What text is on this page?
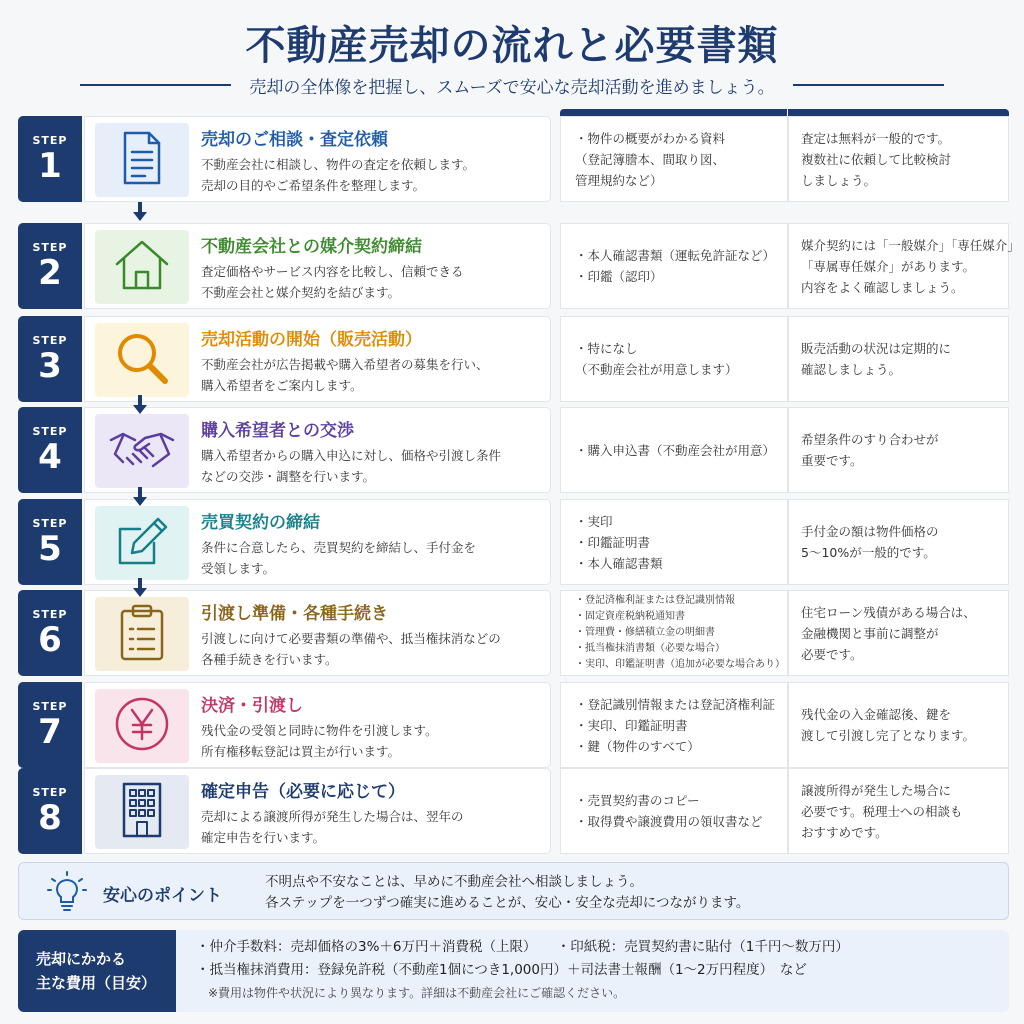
不動産売却の流れと必要書類
売却の全体像を把握し、スムーズで安心な売却活動を進めましょう。
STEP
1
売却のご相談・査定依頼
不動産会社に相談し、物件の査定を依頼します。
売却の目的やご希望条件を整理します。
・物件の概要がわかる資料
（登記簿謄本、間取り図、
管理規約など）
査定は無料が一般的です。
複数社に依頼して比較検討
しましょう。
STEP
2
不動産会社との媒介契約締結
査定価格やサービス内容を比較し、信頼できる
不動産会社と媒介契約を結びます。
・本人確認書類（運転免許証など）
・印鑑（認印）
媒介契約には「一般媒介」「専任媒介」
「専属専任媒介」があります。
内容をよく確認しましょう。
STEP
3
売却活動の開始（販売活動）
不動産会社が広告掲載や購入希望者の募集を行い、
購入希望者をご案内します。
・特になし
（不動産会社が用意します）
販売活動の状況は定期的に
確認しましょう。
STEP
4
購入希望者との交渉
購入希望者からの購入申込に対し、価格や引渡し条件
などの交渉・調整を行います。
・購入申込書（不動産会社が用意）
希望条件のすり合わせが
重要です。
STEP
5
売買契約の締結
条件に合意したら、売買契約を締結し、手付金を
受領します。
・実印
・印鑑証明書
・本人確認書類
手付金の額は物件価格の
5〜10%が一般的です。
STEP
6
引渡し準備・各種手続き
引渡しに向けて必要書類の準備や、抵当権抹消などの
各種手続きを行います。
・登記済権利証または登記識別情報
・固定資産税納税通知書
・管理費・修繕積立金の明細書
・抵当権抹消書類（必要な場合）
・実印、印鑑証明書（追加が必要な場合あり）
住宅ローン残債がある場合は、
金融機関と事前に調整が
必要です。
STEP
7
決済・引渡し
残代金の受領と同時に物件を引渡します。
所有権移転登記は買主が行います。
・登記識別情報または登記済権利証
・実印、印鑑証明書
・鍵（物件のすべて）
残代金の入金確認後、鍵を
渡して引渡し完了となります。
STEP
8
確定申告（必要に応じて）
売却による譲渡所得が発生した場合は、翌年の
確定申告を行います。
・売買契約書のコピー
・取得費や譲渡費用の領収書など
譲渡所得が発生した場合に
必要です。税理士への相談も
おすすめです。
安心のポイント
不明点や不安なことは、早めに不動産会社へ相談しましょう。
各ステップを一つずつ確実に進めることが、安心・安全な売却につながります。
売却にかかる
主な費用（目安）
・仲介手数料：売却価格の3%＋6万円＋消費税（上限）　　・印紙税：売買契約書に貼付（1千円〜数万円）
・抵当権抹消費用：登録免許税（不動産1個につき1,000円）＋司法書士報酬（1〜2万円程度）　など
※費用は物件や状況により異なります。詳細は不動産会社にご確認ください。
